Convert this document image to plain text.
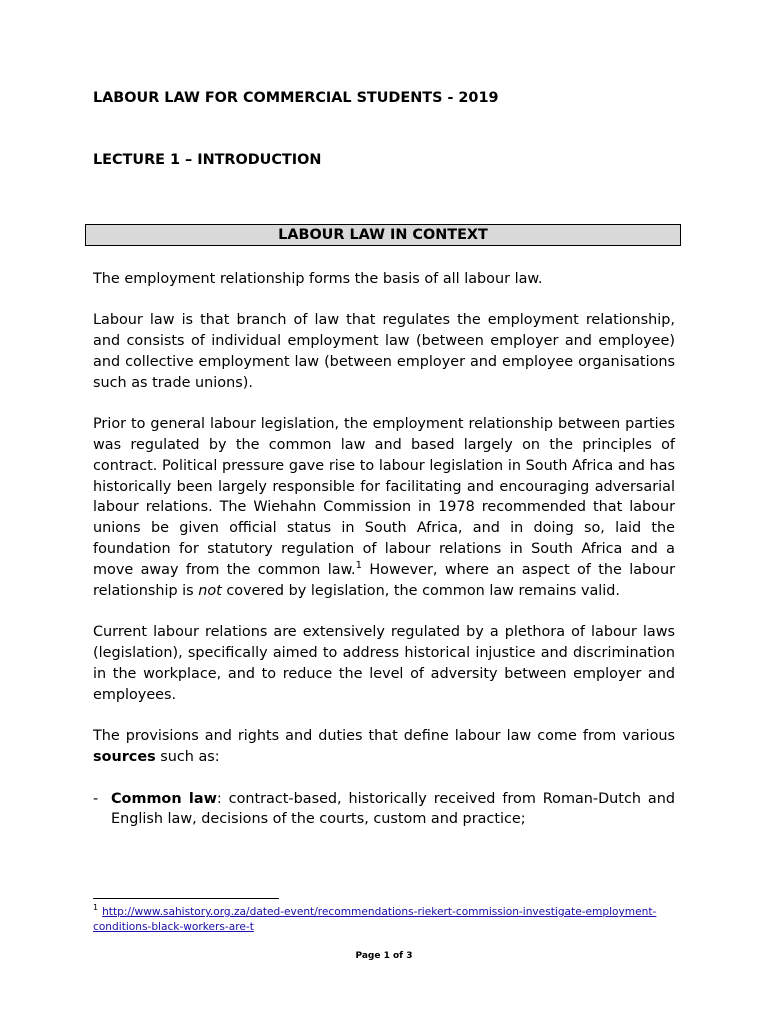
LABOUR LAW FOR COMMERCIAL STUDENTS - 2019
LECTURE 1 – INTRODUCTION
LABOUR LAW IN CONTEXT

The employment relationship forms the basis of all labour law.

Labour law is that branch of law that regulates the employment relationship, and consists of individual employment law (between employer and employee) and collective employment law (between employer and employee organisations such as trade unions).

Prior to general labour legislation, the employment relationship between parties was regulated by the common law and based largely on the principles of contract. Political pressure gave rise to labour legislation in South Africa and has historically been largely responsible for facilitating and encouraging adversarial labour relations. The Wiehahn Commission in 1978 recommended that labour unions be given official status in South Africa, and in doing so, laid the foundation for statutory regulation of labour relations in South Africa and a move away from the common law.$^1$ However, where an aspect of the labour relationship is not covered by legislation, the common law remains valid.

Current labour relations are extensively regulated by a plethora of labour laws (legislation), specifically aimed to address historical injustice and discrimination in the workplace, and to reduce the level of adversity between employer and employees.

The provisions and rights and duties that define labour law come from various sources such as:

- Common law: contract-based, historically received from Roman-Dutch and English law, decisions of the courts, custom and practice;
$^1$ http://www.sahistory.org.za/dated-event/recommendations-riekert-commission-investigate-employment-conditions-black-workers-are-t
Page 1 of 3
